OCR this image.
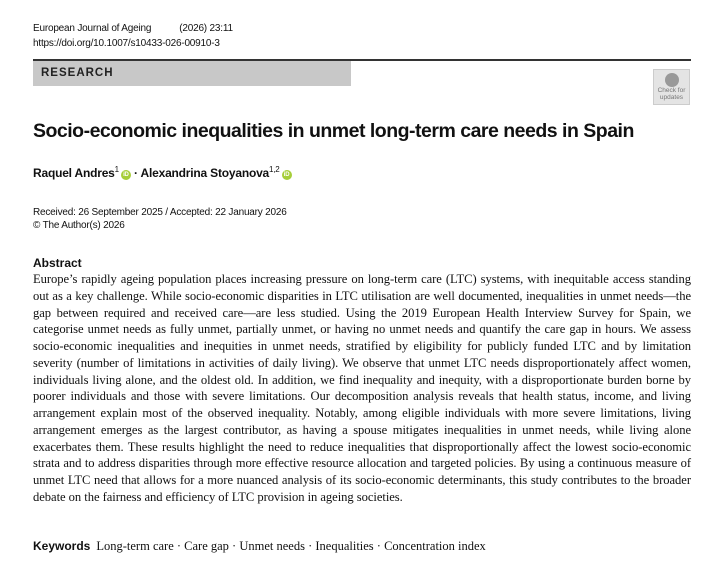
European Journal of Ageing	(2026) 23:11
https://doi.org/10.1007/s10433-026-00910-3
RESEARCH
Check for
updates
Socio-economic inequalities in unmet long-term care needs in Spain
Raquel Andres$^1$iD · Alexandrina Stoyanova$^{1,2}$iD
Received: 26 September 2025 / Accepted: 22 January 2026
© The Author(s) 2026
Abstract

Europe’s rapidly ageing population places increasing pressure on long-term care (LTC) systems, with inequitable access standing out as a key challenge. While socio-economic disparities in LTC utilisation are well documented, inequalities in unmet needs—the gap between required and received care—are less studied. Using the 2019 European Health Interview Survey for Spain, we categorise unmet needs as fully unmet, partially unmet, or having no unmet needs and quantify the care gap in hours. We assess socio-economic inequalities and inequities in unmet needs, stratified by eligibility for publicly funded LTC and by limitation severity (number of limitations in activities of daily living). We observe that unmet LTC needs disproportionately affect women, individuals living alone, and the oldest old. In addition, we find inequality and inequity, with a disproportionate burden borne by poorer individuals and those with severe limitations. Our decomposition analysis reveals that health status, income, and living arrangement explain most of the observed inequality. Notably, among eligible individuals with more severe limitations, living arrangement emerges as the largest contributor, as having a spouse mitigates inequalities in unmet needs, while living alone exacerbates them. These results highlight the need to reduce inequalities that disproportionally affect the lowest socio-economic strata and to address disparities through more effective resource allocation and targeted policies. By using a continuous measure of unmet LTC need that allows for a more nuanced analysis of its socio-economic determinants, this study contributes to the broader debate on the fairness and efficiency of LTC provision in ageing societies.

Keywords Long-term care · Care gap · Unmet needs · Inequalities · Concentration index
